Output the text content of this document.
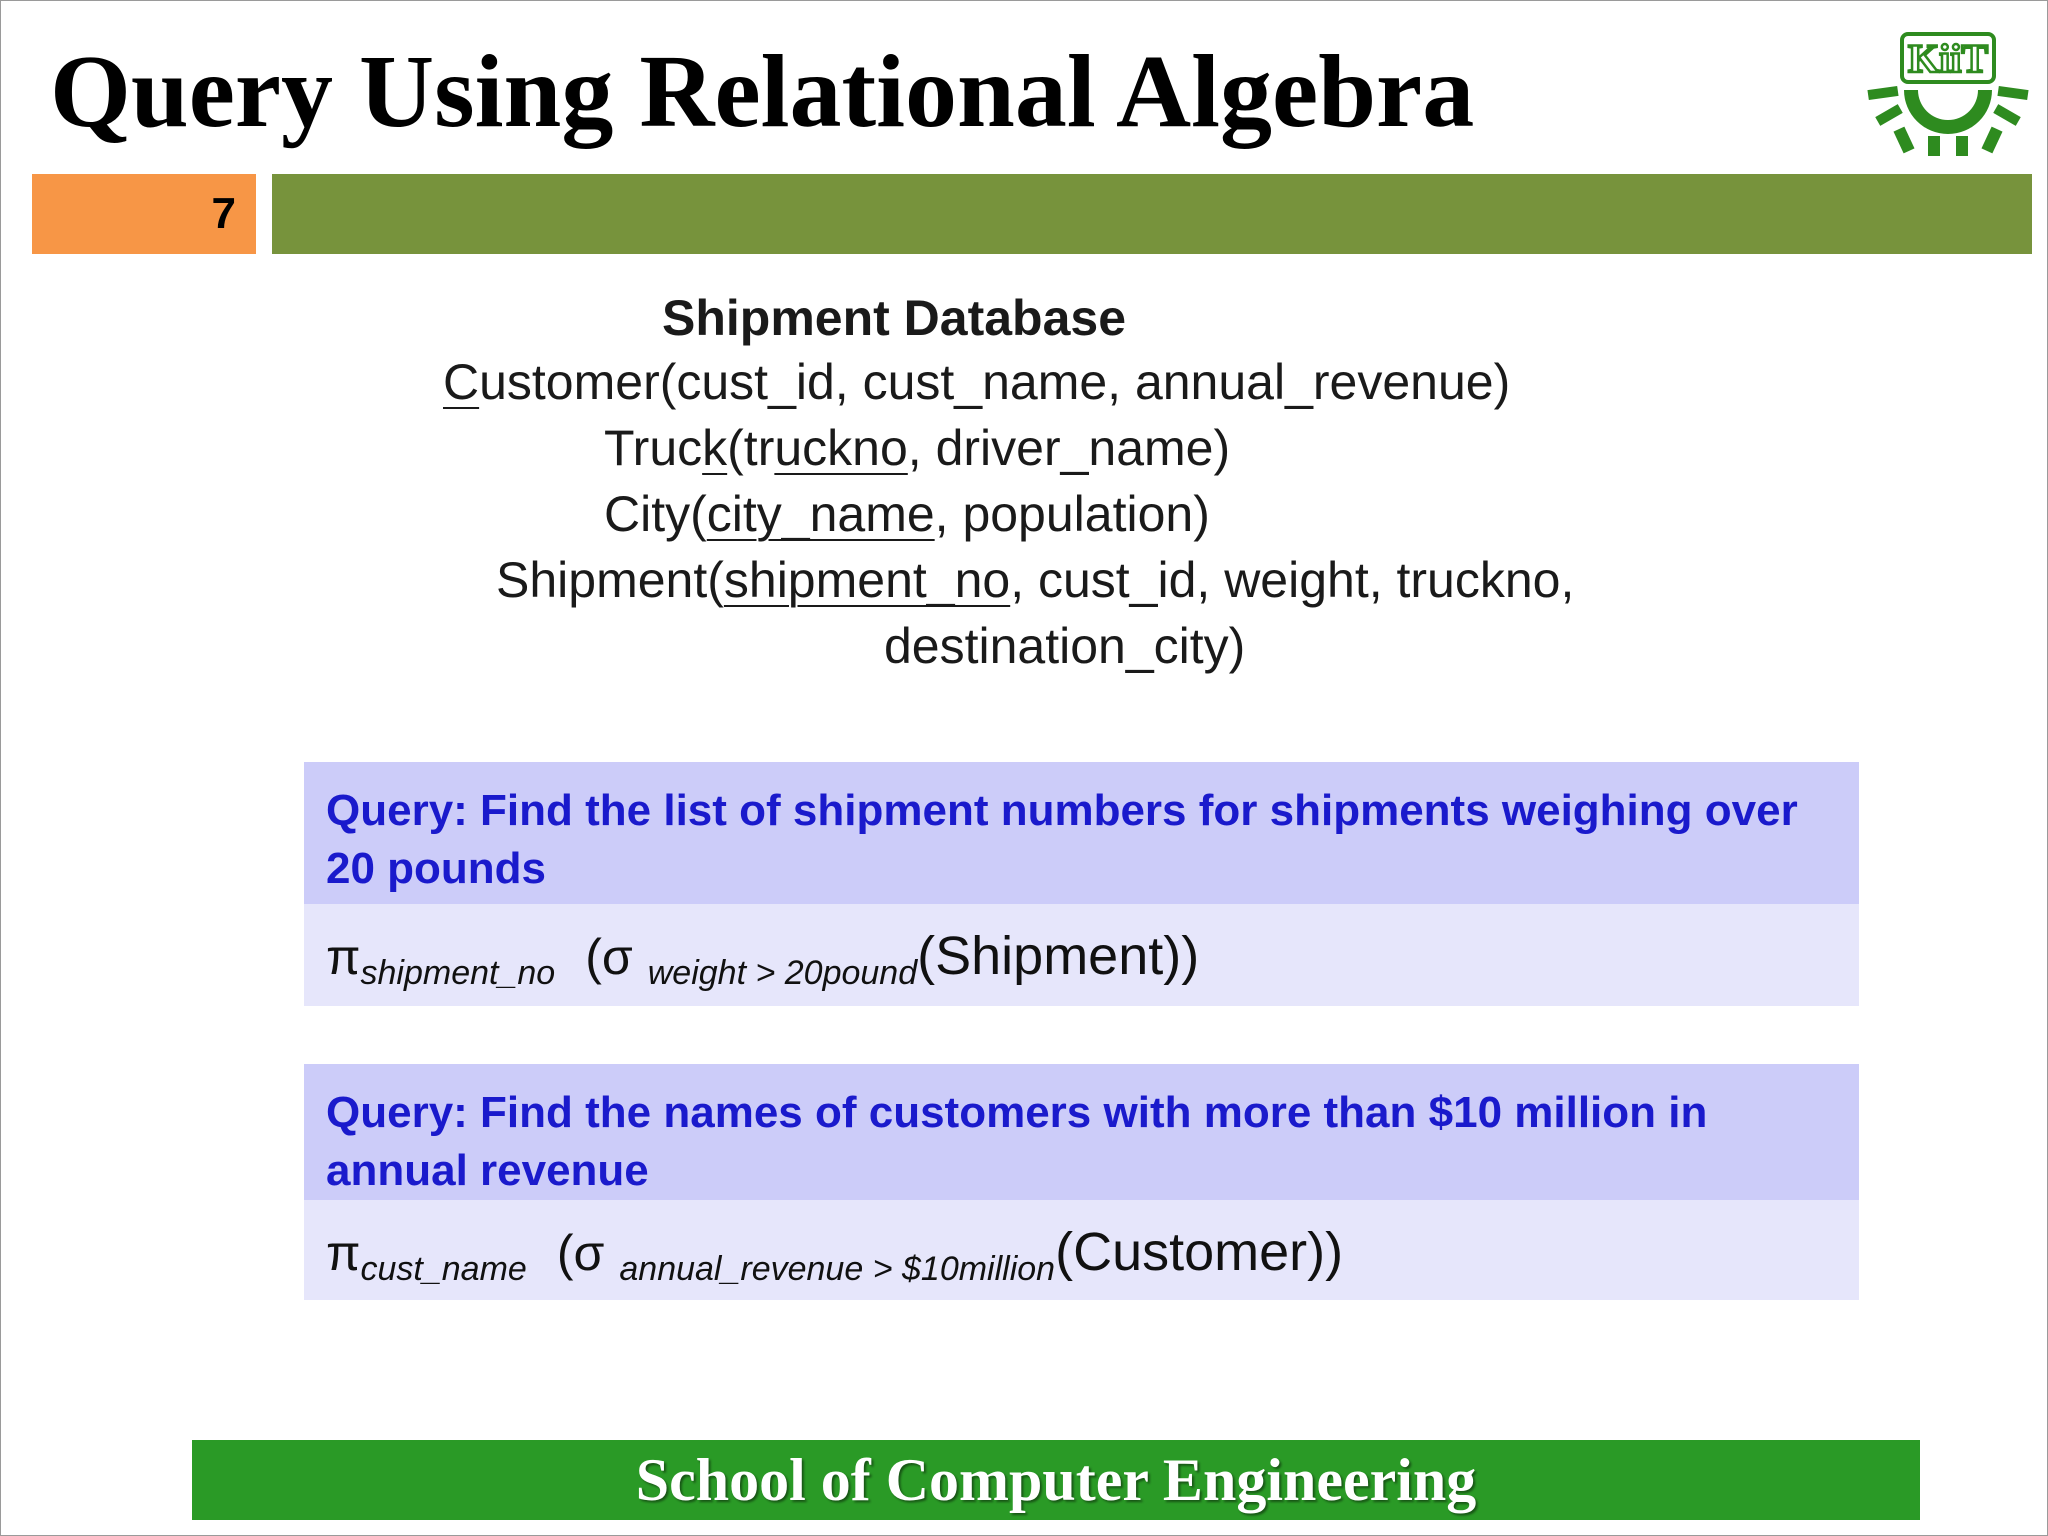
Query Using Relational Algebra	KiiT
7
Shipment Database
Customer(cust_id, cust_name, annual_revenue)
Truck(truckno, driver_name)
City(city_name, population)
Shipment(shipment_no, cust_id, weight, truckno,
destination_city)
Query: Find the list of shipment numbers for shipments weighing over 20 pounds
$\pi_{shipment\_no}$ (σ $_{weight > 20pound}$(Shipment))
Query: Find the names of customers with more than $10 million in annual revenue
$\pi_{cust\_name}$ (σ $_{annual\_revenue > \$10million}$(Customer))
School of Computer Engineering
